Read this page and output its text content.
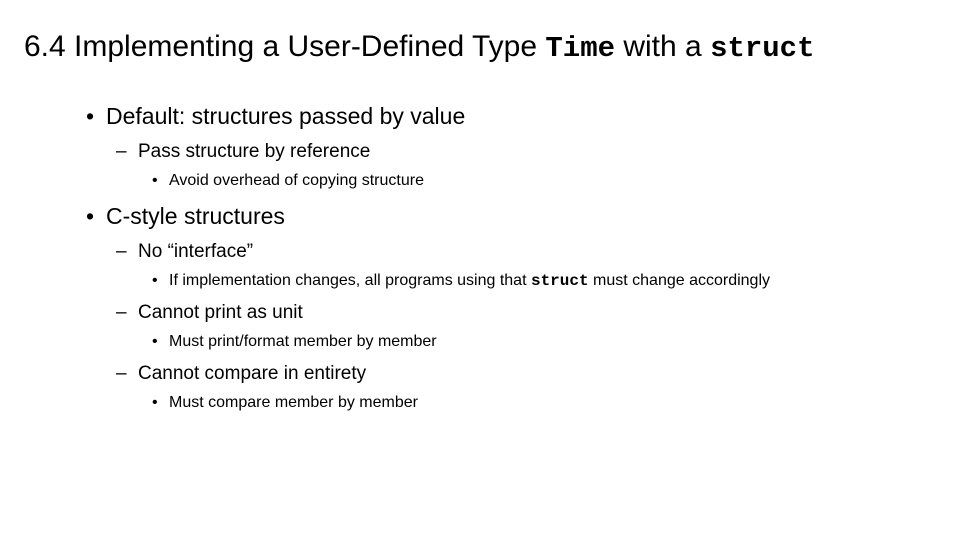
6.4 Implementing a User-Defined Type Time with a struct
• Default: structures passed by value
– Pass structure by reference
• Avoid overhead of copying structure
• C-style structures
– No “interface”
• If implementation changes, all programs using that struct must change accordingly
– Cannot print as unit
• Must print/format member by member
– Cannot compare in entirety
• Must compare member by member
